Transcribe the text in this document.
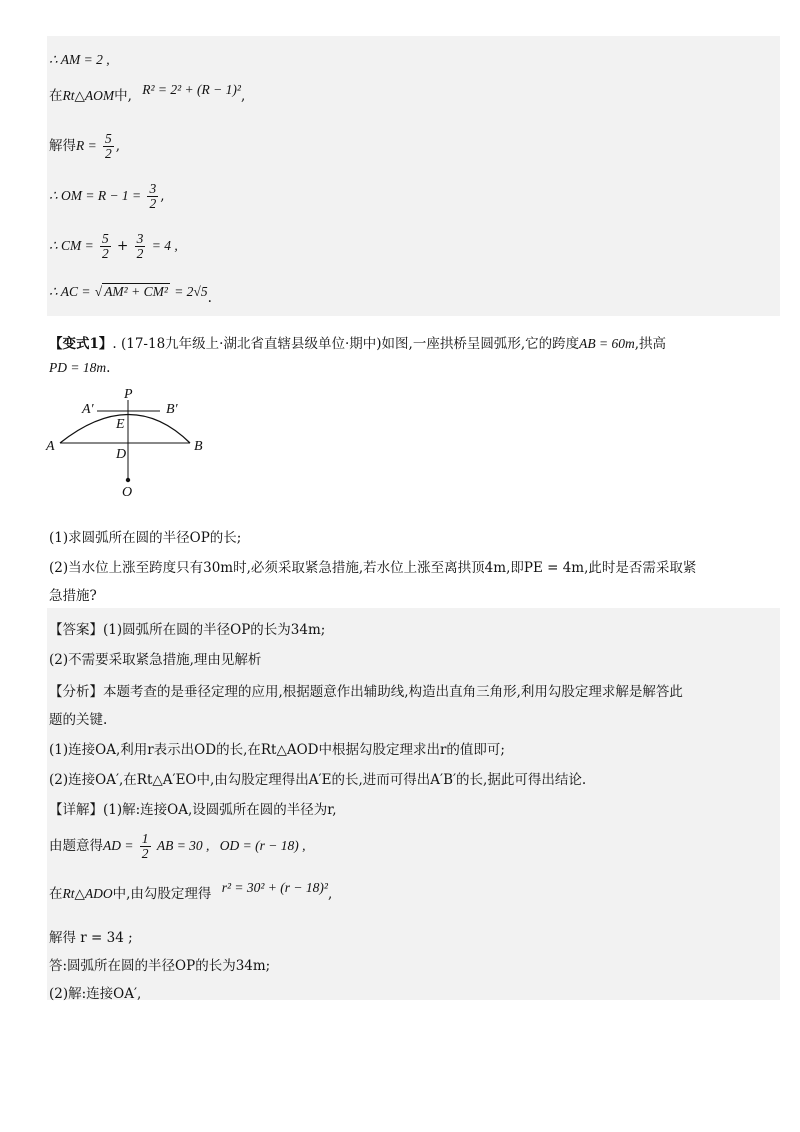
∴ AM = 2 ,
在Rt△AOM中, R² = 2² + (R − 1)²,
解得$R = \frac{5}{2}$ ,
∴ OM = $R - 1 = \frac{3}{2}$ ,
∴ CM = $\frac{5}{2} + \frac{3}{2} = 4$ ,
∴ AC = √ AM² + CM² = 2√5.
【变式1】. (17-18九年级上·湖北省直辖县级单位·期中)如图,一座拱桥呈圆弧形,它的跨度AB = 60m,拱高
PD = 18m.
P
A′	B′
E
A	B
D
O
(1)求圆弧所在圆的半径OP的长;
(2)当水位上涨至跨度只有30m时,必须采取紧急措施,若水位上涨至离拱顶4m,即PE = 4m,此时是否需采取紧
急措施?
【答案】(1)圆弧所在圆的半径OP的长为34m;
(2)不需要采取紧急措施,理由见解析
【分析】本题考查的是垂径定理的应用,根据题意作出辅助线,构造出直角三角形,利用勾股定理求解是解答此
题的关键.
(1)连接OA,利用r表示出OD的长,在Rt△AOD中根据勾股定理求出r的值即可;
(2)连接OA′,在Rt△A′EO中,由勾股定理得出A′E的长,进而可得出A′B′的长,据此可得出结论.
【详解】(1)解:连接OA,设圆弧所在圆的半径为r,
由题意得AD = $\frac{1}{2}$ AB = 30 , OD = (r − 18) ,
在Rt△ADO中,由勾股定理得 r² = 30² + (r − 18)²,
解得 r = 34 ;
答:圆弧所在圆的半径OP的长为34m;
(2)解:连接OA′,
